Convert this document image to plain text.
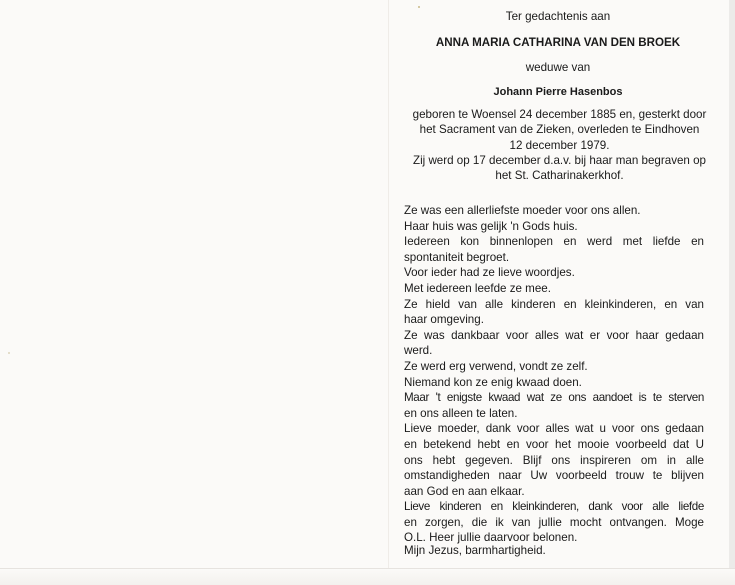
Ter gedachtenis aan
ANNA MARIA CATHARINA VAN DEN BROEK
weduwe van
Johann Pierre Hasenbos
geboren te Woensel 24 december 1885 en, gesterkt door
het Sacrament van de Zieken, overleden te Eindhoven
12 december 1979.
Zij werd op 17 december d.a.v. bij haar man begraven op
het St. Catharinakerkhof.
Ze was een allerliefste moeder voor ons allen.
Haar huis was gelijk 'n Gods huis.
Iedereen kon binnenlopen en werd met liefde en
spontaniteit begroet.
Voor ieder had ze lieve woordjes.
Met iedereen leefde ze mee.
Ze hield van alle kinderen en kleinkinderen, en van
haar omgeving.
Ze was dankbaar voor alles wat er voor haar gedaan
werd.
Ze werd erg verwend, vondt ze zelf.
Niemand kon ze enig kwaad doen.
Maar 't enigste kwaad wat ze ons aandoet is te sterven
en ons alleen te laten.
Lieve moeder, dank voor alles wat u voor ons gedaan
en betekend hebt en voor het mooie voorbeeld dat U
ons hebt gegeven. Blijf ons inspireren om in alle
omstandigheden naar Uw voorbeeld trouw te blijven
aan God en aan elkaar.
Lieve kinderen en kleinkinderen, dank voor alle liefde
en zorgen, die ik van jullie mocht ontvangen. Moge
O.L. Heer jullie daarvoor belonen.
Mijn Jezus, barmhartigheid.
